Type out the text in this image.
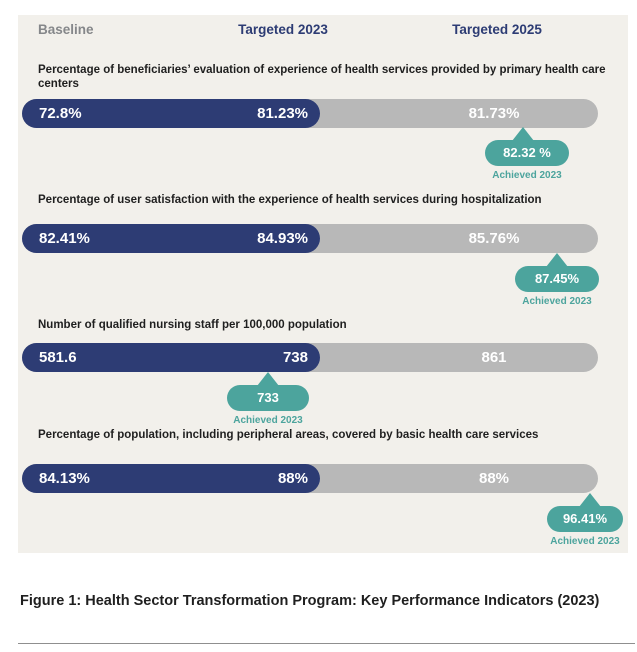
Baseline	Targeted 2023	Targeted 2025
Percentage of beneficiaries’ evaluation of experience of health services provided by primary health care centers
72.8%	81.23%	81.73%
82.32 %
Achieved 2023
Percentage of user satisfaction with the experience of health services during hospitalization
82.41%	84.93%	85.76%
87.45%
Achieved 2023
Number of qualified nursing staff per 100,000 population
581.6	738	861
733
Achieved 2023
Percentage of population, including peripheral areas, covered by basic health care services
84.13%	88%	88%
96.41%
Achieved 2023
Figure 1: Health Sector Transformation Program: Key Performance Indicators (2023)
